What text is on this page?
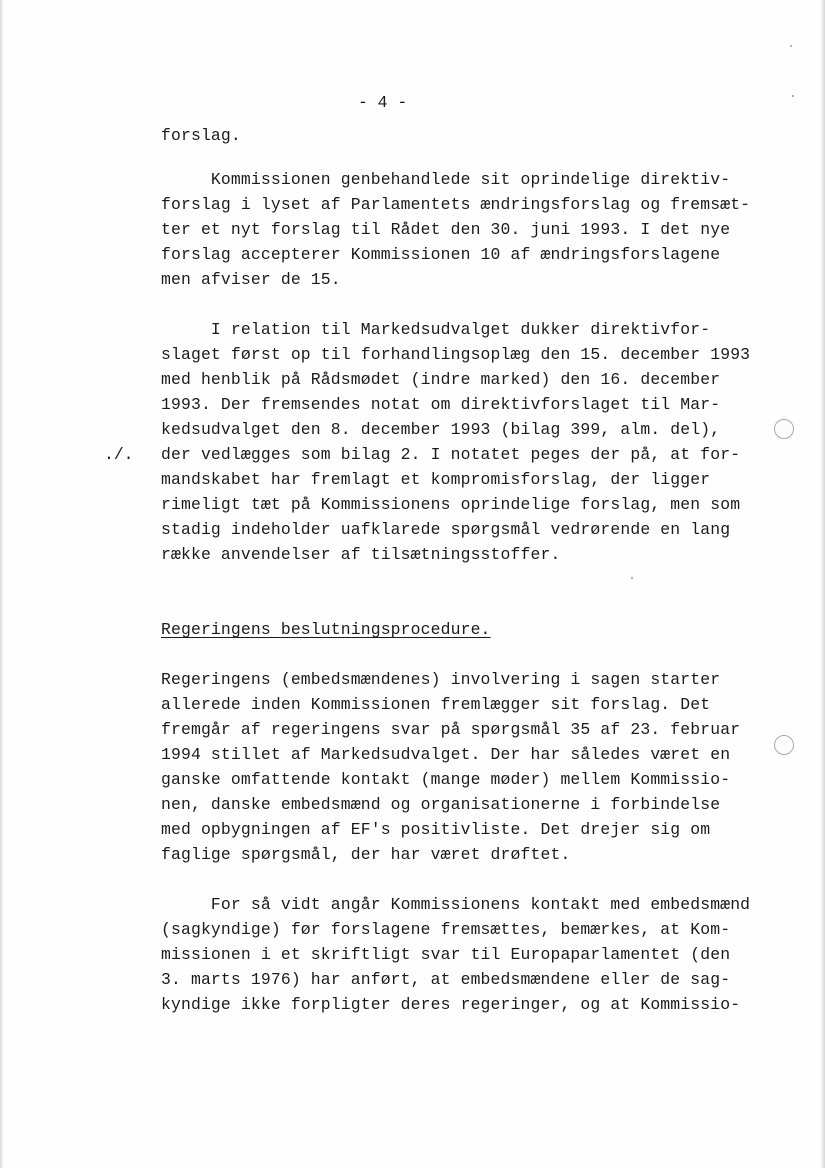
- 4 -
./.
forslag.
Kommissionen genbehandlede sit oprindelige direktiv-
forslag i lyset af Parlamentets ændringsforslag og fremsæt-
ter et nyt forslag til Rådet den 30. juni 1993. I det nye
forslag accepterer Kommissionen 10 af ændringsforslagene
men afviser de 15.
I relation til Markedsudvalget dukker direktivfor-
slaget først op til forhandlingsoplæg den 15. december 1993
med henblik på Rådsmødet (indre marked) den 16. december
1993. Der fremsendes notat om direktivforslaget til Mar-
kedsudvalget den 8. december 1993 (bilag 399, alm. del),
der vedlægges som bilag 2. I notatet peges der på, at for-
mandskabet har fremlagt et kompromisforslag, der ligger
rimeligt tæt på Kommissionens oprindelige forslag, men som
stadig indeholder uafklarede spørgsmål vedrørende en lang
række anvendelser af tilsætningsstoffer.
Regeringens beslutningsprocedure.
Regeringens (embedsmændenes) involvering i sagen starter
allerede inden Kommissionen fremlægger sit forslag. Det
fremgår af regeringens svar på spørgsmål 35 af 23. februar
1994 stillet af Markedsudvalget. Der har således været en
ganske omfattende kontakt (mange møder) mellem Kommissio-
nen, danske embedsmænd og organisationerne i forbindelse
med opbygningen af EF's positivliste. Det drejer sig om
faglige spørgsmål, der har været drøftet.
For så vidt angår Kommissionens kontakt med embedsmænd
(sagkyndige) før forslagene fremsættes, bemærkes, at Kom-
missionen i et skriftligt svar til Europaparlamentet (den
3. marts 1976) har anført, at embedsmændene eller de sag-
kyndige ikke forpligter deres regeringer, og at Kommissio-
